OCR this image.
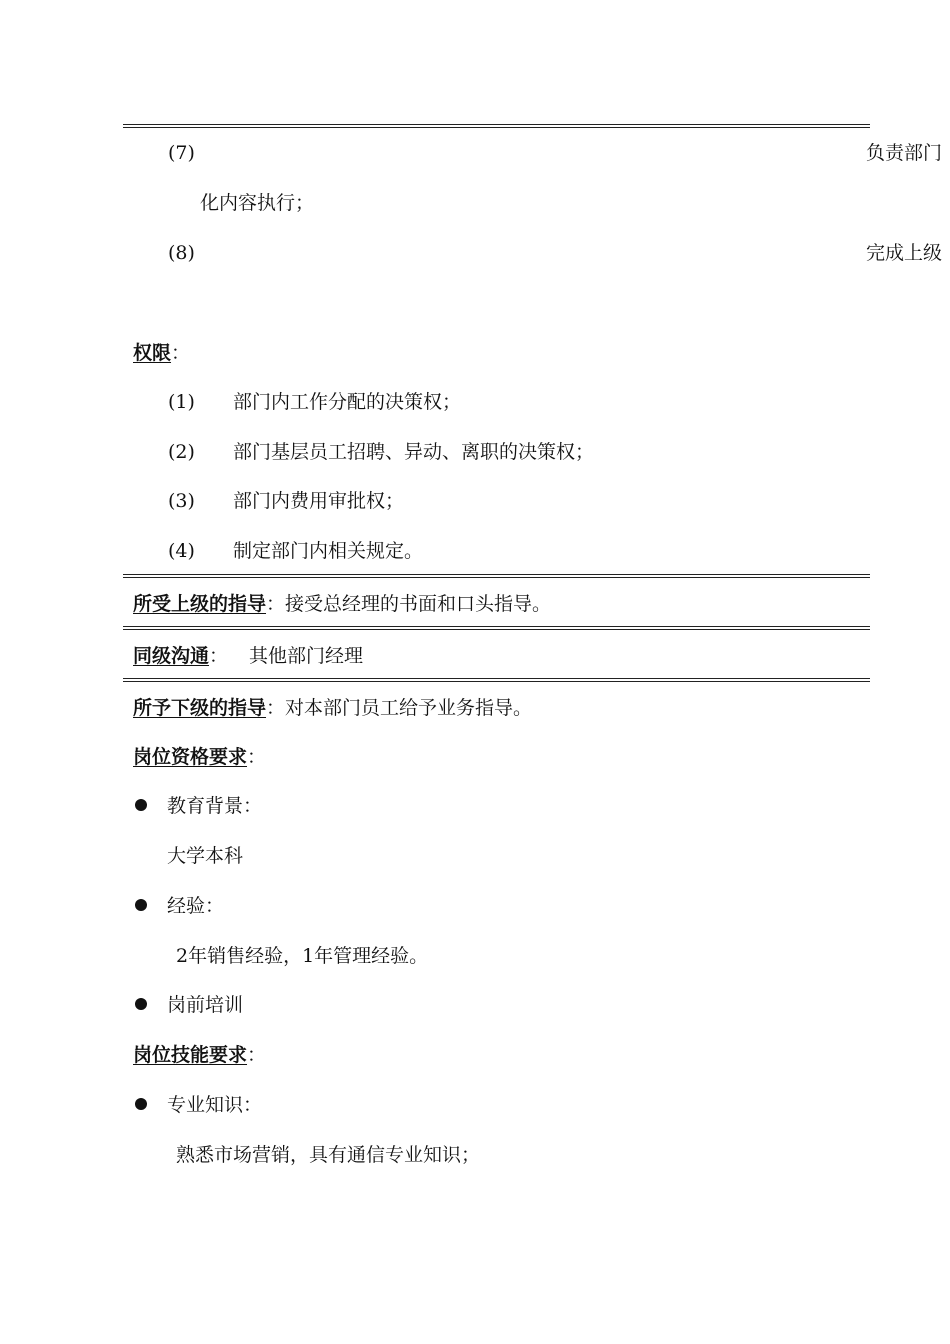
(7)	负责部门
化内容执行；
(8)	完成上级
权限：
(1) 部门内工作分配的决策权；
(2) 部门基层员工招聘、异动、离职的决策权；
(3) 部门内费用审批权；
(4) 制定部门内相关规定。
所受上级的指导：接受总经理的书面和口头指导。
同级沟通： 其他部门经理
所予下级的指导：对本部门员工给予业务指导。
岗位资格要求：
教育背景：
大学本科
经验：
2年销售经验，1年管理经验。
岗前培训
岗位技能要求：
专业知识：
熟悉市场营销，具有通信专业知识；
